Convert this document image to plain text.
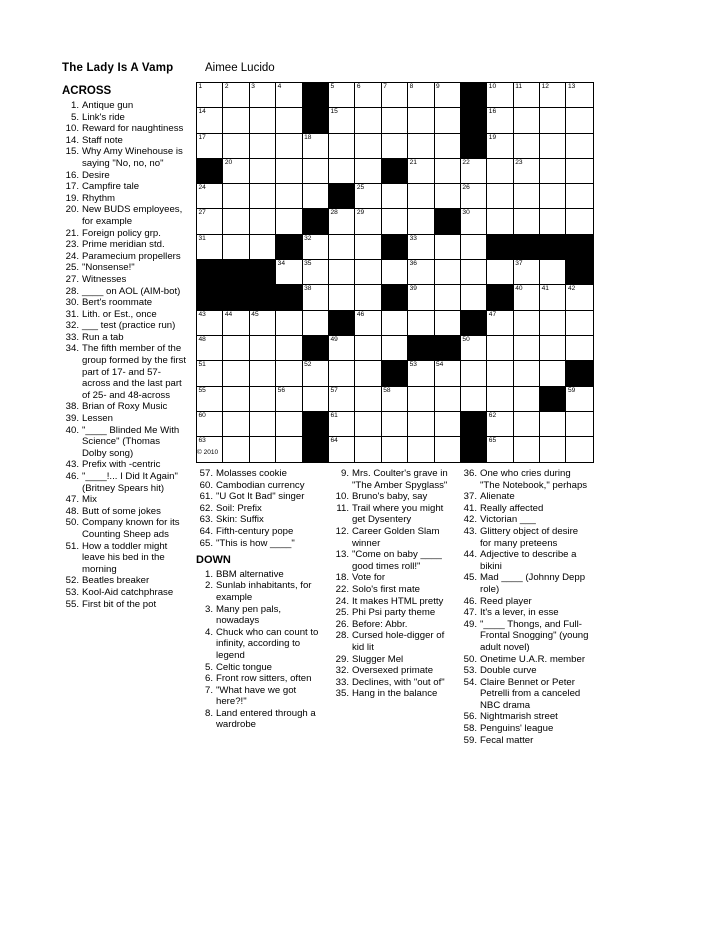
The Lady Is A Vamp	Aimee Lucido
ACROSS
1. Antique gun
5. Link's ride
10. Reward for naughtiness
14. Staff note
15. Why Amy Winehouse is saying "No, no, no"
16. Desire
17. Campfire tale
19. Rhythm
20. New BUDS employees, for example
21. Foreign policy grp.
23. Prime meridian std.
24. Paramecium propellers
25. "Nonsense!"
27. Witnesses
28. ____ on AOL (AIM-bot)
30. Bert's roommate
31. Lith. or Est., once
32. ___ test (practice run)
33. Run a tab
34. The fifth member of the group formed by the first part of 17- and 57-across and the last part of 25- and 48-across
38. Brian of Roxy Music
39. Lessen
40. "____ Blinded Me With Science" (Thomas Dolby song)
43. Prefix with -centric
46. "____!... I Did It Again" (Britney Spears hit)
47. Mix
48. Butt of some jokes
50. Company known for its Counting Sheep ads
51. How a toddler might leave his bed in the morning
52. Beatles breaker
53. Kool-Aid catchphrase
55. First bit of the pot
57. Molasses cookie
60. Cambodian currency
61. "U Got It Bad" singer
62. Soil: Prefix
63. Skin: Suffix
64. Fifth-century pope
65. "This is how ____"
DOWN
1. BBM alternative
2. Sunlab inhabitants, for example
3. Many pen pals, nowadays
4. Chuck who can count to infinity, according to legend
5. Celtic tongue
6. Front row sitters, often
7. "What have we got here?!"
8. Land entered through a wardrobe
9. Mrs. Coulter's grave in "The Amber Spyglass"
10. Bruno's baby, say
11. Trail where you might get Dysentery
12. Career Golden Slam winner
13. "Come on baby ____ good times roll!"
18. Vote for
22. Solo's first mate
24. It makes HTML pretty
25. Phi Psi party theme
26. Before: Abbr.
28. Cursed hole-digger of kid lit
29. Slugger Mel
32. Oversexed primate
33. Declines, with "out of"
35. Hang in the balance
36. One who cries during "The Notebook," perhaps
37. Alienate
41. Really affected
42. Victorian ___
43. Glittery object of desire for many preteens
44. Adjective to describe a bikini
45. Mad ____ (Johnny Depp role)
46. Reed player
47. It's a lever, in esse
49. "____ Thongs, and Full-Frontal Snogging" (young adult novel)
50. Onetime U.A.R. member
53. Double curve
54. Claire Bennet or Peter Petrelli from a canceled NBC drama
56. Nightmarish street
58. Penguins' league
59. Fecal matter
1	2	3	4	5	6	7	8	9	10	11	12	13
14	15	16
17	18	19
20	21	22	23
24	25	26
27	28	29	30
31	32	33
34	35	36	37
38	39	40	41	42
43	44	45	46	47
48	49	50
51	52	53	54
55	56	57	58	59
60	61	62
63	64	65
© 2010
